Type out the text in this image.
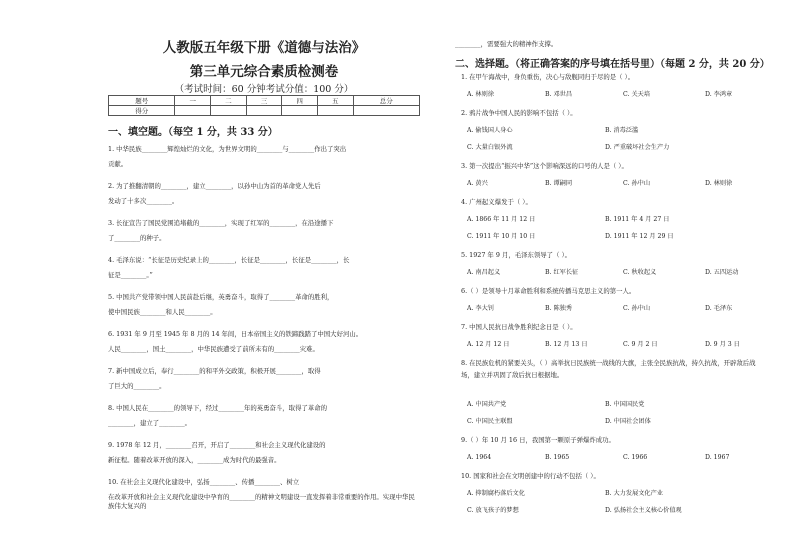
人教版五年级下册《道德与法治》
第三单元综合素质检测卷
（考试时间：60 分钟考试分值：100 分）
题号	一	二	三	四	五	总分
得分						
一、填空题。（每空 1 分，共 33 分）
1. 中华民族________辉煌灿烂的文化，为世界文明的________与________作出了突出
贡献。
2. 为了推翻清朝的________，建立________，以孙中山为首的革命党人先后
发动了十多次________。
3. 长征宣告了国民党围追堵截的________，实现了红军的________，在沿途播下
了________的种子。
4. 毛泽东说：“长征是历史纪录上的________，长征是________，长征是________，长
征是________。”
5. 中国共产党带领中国人民前赴后继，英勇奋斗，取得了________革命的胜利，
使中国民族________和人民________。
6. 1931 年 9 月至 1945 年 8 月的 14 年间，日本帝国主义的铁蹄践踏了中国大好河山。
人民________，国土________，中华民族遭受了前所未有的________灾难。
7. 新中国成立后，奉行________的和平外交政策，积极开展________，取得
了巨大的________。
8. 中国人民在________的领导下，经过________年的英勇奋斗，取得了革命的
________，建立了________。
9. 1978 年 12 月，________召开，开启了________和社会主义现代化建设的
新征程。随着改革开放的深入，________成为时代的最强音。
10. 在社会主义现代化建设中，弘扬________、传播________、树立
在改革开放和社会主义现代化建设中孕育的________的精神文明建设一直发挥着非常重要的作用。实现中华民族伟大复兴的
________，需要强大的精神作支撑。
二、选择题。（将正确答案的序号填在括号里）（每题 2 分，共 20 分）
1. 在甲午海战中，身负重伤，决心与敌舰同归于尽的是（ ）。
A. 林则徐	B. 邓世昌	C. 关天培	D. 李鸿章
2. 鸦片战争中国人民的影响不包括（ ）。
A. 偷钱国人身心	B. 消毒泛滥
C. 大量白银外流	D. 严重破坏社会生产力
3. 第一次提出“振兴中华”这个影响深远的口号的人是（ ）。
A. 黄兴	B. 谭嗣同	C. 孙中山	D. 林则徐
4. 广州起义爆发于（ ）。
A. 1866 年 11 月 12 日	B. 1911 年 4 月 27 日
C. 1911 年 10 月 10 日	D. 1911 年 12 月 29 日
5. 1927 年 9 月，毛泽东领导了（ ）。
A. 南昌起义	B. 红军长征	C. 秋收起义	D. 五四运动
6.（ ）是领导十月革命胜利和系统传播马克思主义的第一人。
A. 李大钊	B. 陈独秀	C. 孙中山	D. 毛泽东
7. 中国人民抗日战争胜利纪念日是（ ）。
A. 12 月 12 日	B. 12 月 13 日	C. 9 月 2 日	D. 9 月 3 日
8. 在民族危机的紧要关头，（ ）高举抗日民族统一战线的大旗，主张全民族抗战，持久抗战，开辟敌后战场，建立并巩固了敌后抗日根据地。
A. 中国共产党	B. 中国国民党
C. 中国民主联盟	D. 中国社会团体
9.（ ）年 10 月 16 日，我国第一颗原子弹爆炸成功。
A. 1964	B. 1965	C. 1966	D. 1967
10. 国家和社会在文明创建中的行动不包括（ ）。
A. 抑制腐朽落后文化	B. 大力发展文化产业
C. 放飞孩子的梦想	D. 弘扬社会主义核心价值观
